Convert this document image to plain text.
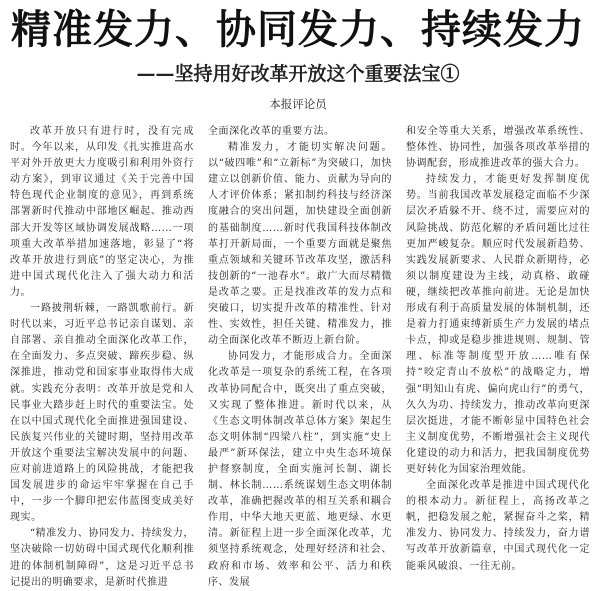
精准发力、协同发力、持续发力
——坚持用好改革开放这个重要法宝①
本报评论员

改革开放只有进行时，没有完成时。今年以来，从印发《扎实推进高水平对外开放更大力度吸引和利用外资行动方案》，到审议通过《关于完善中国特色现代企业制度的意见》，再到系统部署新时代推动中部地区崛起、推动西部大开发等区域协调发展战略……一项项重大改革举措加速落地，彰显了“将改革开放进行到底”的坚定决心，为推进中国式现代化注入了强大动力和活力。

一路披荆斩棘，一路凯歌前行。新时代以来，习近平总书记亲自谋划、亲自部署、亲自推动全面深化改革工作，在全面发力、多点突破、蹄疾步稳、纵深推进，推动党和国家事业取得伟大成就。实践充分表明：改革开放是党和人民事业大踏步赶上时代的重要法宝。处在以中国式现代化全面推进强国建设、民族复兴伟业的关键时期，坚持用改革开放这个重要法宝解决发展中的问题、应对前进道路上的风险挑战，才能把我国发展进步的命运牢牢掌握在自己手中，一步一个脚印把宏伟蓝图变成美好现实。

“精准发力、协同发力、持续发力，坚决破除一切妨碍中国式现代化顺利推进的体制机制障碍”，这是习近平总书记提出的明确要求，是新时代推进

全面深化改革的重要方法。

精准发力，才能切实解决问题。以“破四唯”和“立新标”为突破口，加快建立以创新价值、能力、贡献为导向的人才评价体系；紧扣制约科技与经济深度融合的突出问题，加快建设全面创新的基础制度……新时代我国科技体制改革打开新局面，一个重要方面就是聚焦重点领域和关键环节改革攻坚，激活科技创新的“一池春水”。敢广大而尽精微是改革之要。正是找准改革的发力点和突破口，切实提升改革的精准性、针对性、实效性，担任关键、精准发力，推动全面深化改革不断迈上新台阶。

协同发力，才能形成合力。全面深化改革是一项复杂的系统工程，在各项改革协同配合中，既突出了重点突破，又实现了整体推进。新时代以来，从《生态文明体制改革总体方案》架起生态文明体制“四梁八柱”，到实施“史上最严”新环保法，建立中央生态环境保护督察制度，全面实施河长制、湖长制、林长制……系统谋划生态文明体制改革，准确把握改革的相互关系和耦合作用，中华大地天更蓝、地更绿、水更清。新征程上进一步全面深化改革，尤须坚持系统观念，处理好经济和社会、政府和市场、效率和公平、活力和秩序、发展

和安全等重大关系，增强改革系统性、整体性、协同性，加强各项改革举措的协调配套，形成推进改革的强大合力。

持续发力，才能更好发挥制度优势。当前我国改革发展稳定面临不少深层次矛盾躲不开、绕不过，需要应对的风险挑战、防范化解的矛盾问题比过往更加严峻复杂。顺应时代发展新趋势、实践发展新要求、人民群众新期待，必须以制度建设为主线，动真格、敢碰硬，继续把改革推向前进。无论是加快形成有利于高质量发展的体制机制，还是着力打通束缚新质生产力发展的堵点卡点，抑或是稳步推进规则、规制、管理、标准等制度型开放……唯有保持“咬定青山不放松”的战略定力，增强“明知山有虎、偏向虎山行”的勇气，久久为功、持续发力，推动改革向更深层次挺进，才能不断彰显中国特色社会主义制度优势，不断增强社会主义现代化建设的动力和活力，把我国制度优势更好转化为国家治理效能。

全面深化改革是推进中国式现代化的根本动力。新征程上，高扬改革之帆，把稳发展之舵，紧握奋斗之桨，精准发力、协同发力、持续发力，奋力谱写改革开放新篇章，中国式现代化一定能乘风破浪、一往无前。
